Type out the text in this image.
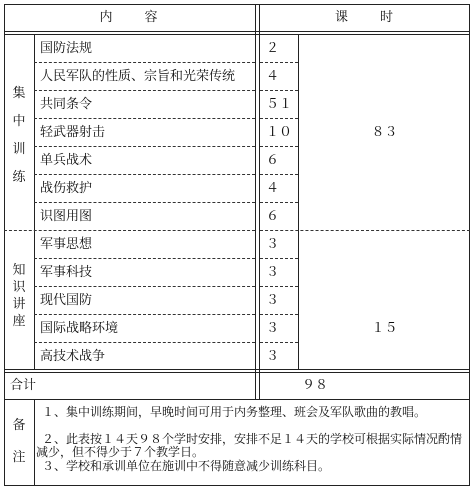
内　　容	课　　时
集
中
训
练
知
识
讲
座
国防法规
人民军队的性质、宗旨和光荣传统
共同条令
轻武器射击
单兵战术
战伤救护
识图用图
军事思想
军事科技
现代国防
国际战略环境
高技术战争
２
４
５１
１０
６
４
６
３
３
３
３
３
８３
１５
合计	９８
备
注
１、集中训练期间，早晚时间可用于内务整理、班会及军队歌曲的教唱。
２、此表按１４天９８个学时安排，安排不足１４天的学校可根据实际情况酌情减少，但不得少于７个教学日。
３、学校和承训单位在施训中不得随意减少训练科目。
